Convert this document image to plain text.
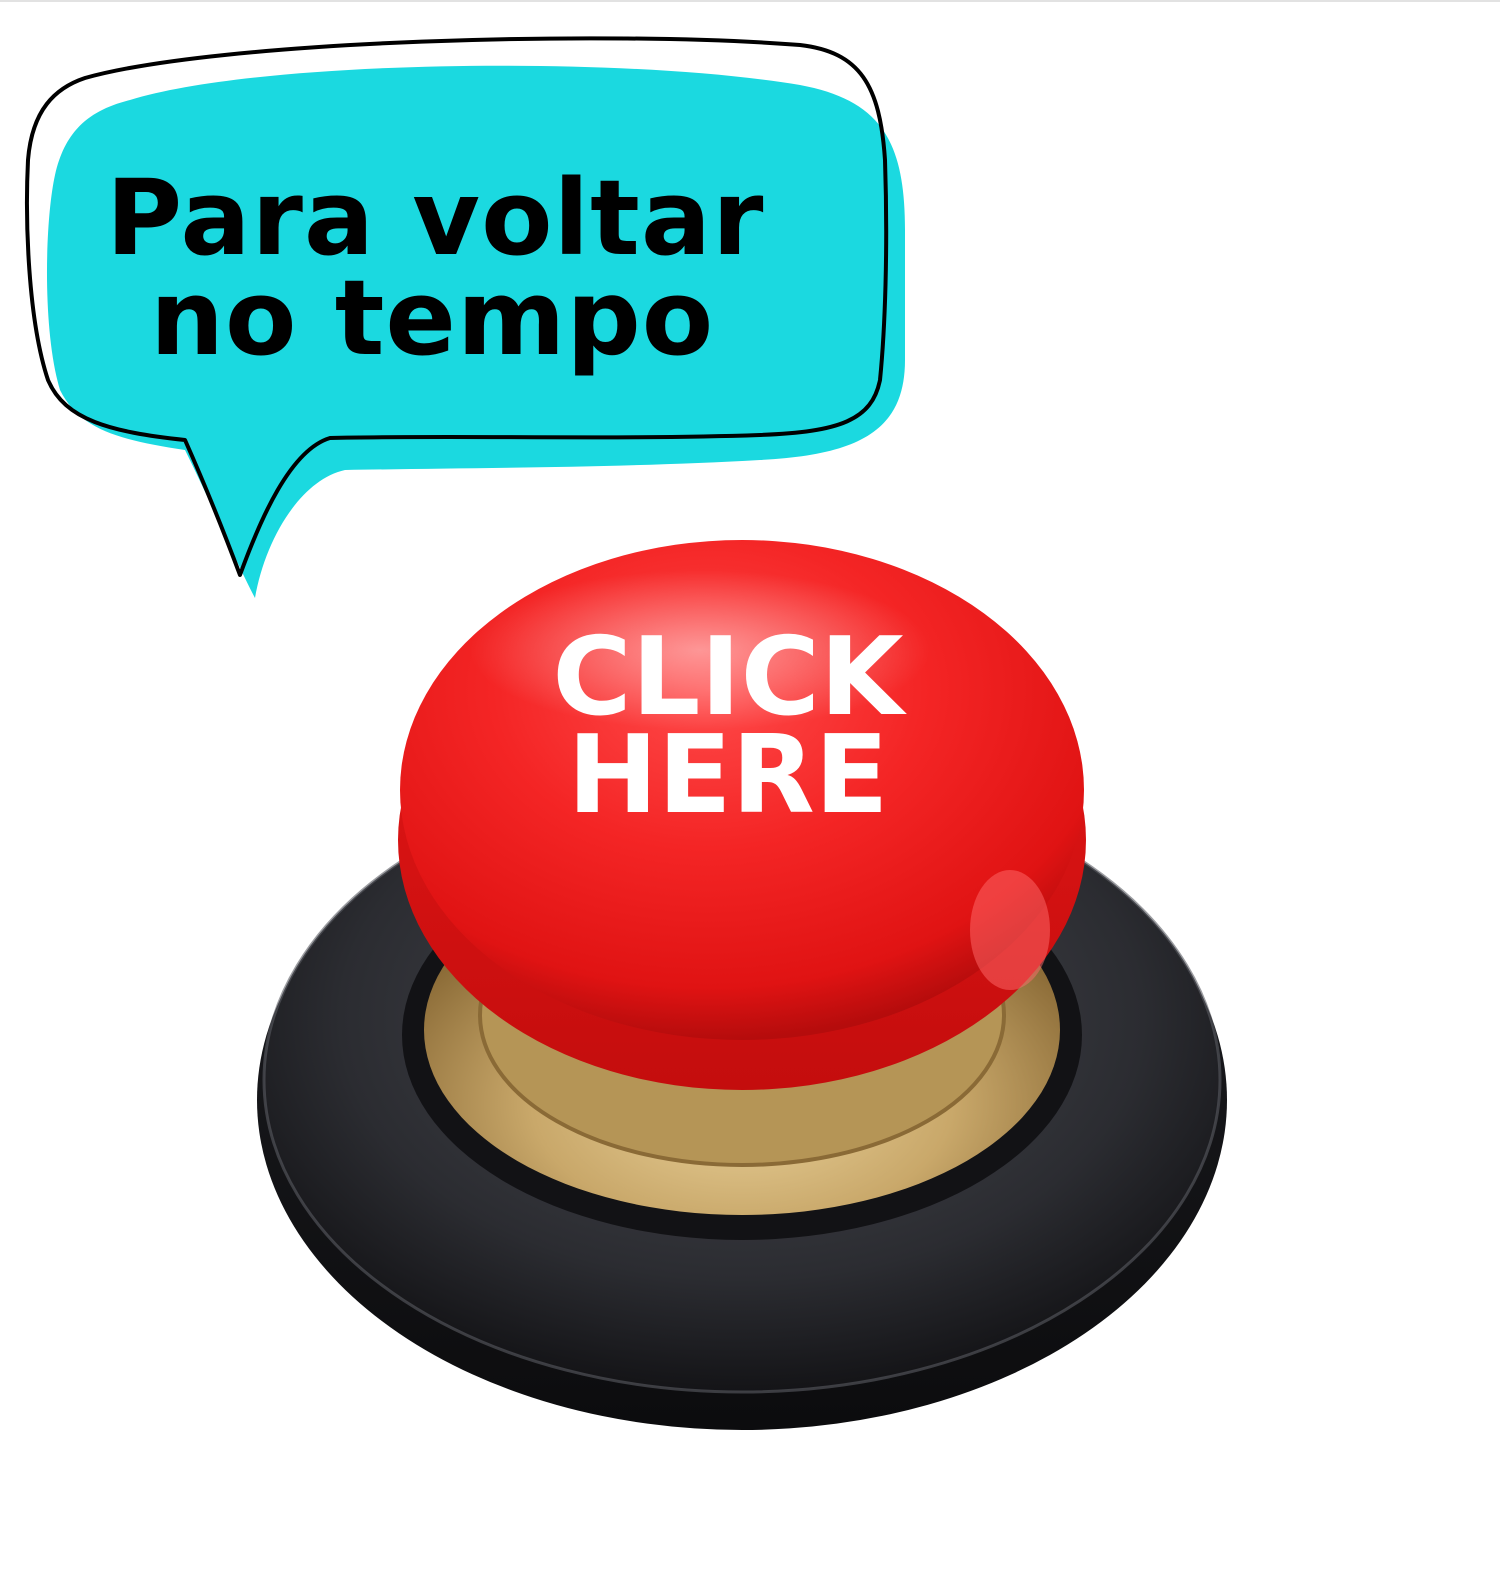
Para voltar
no tempo
CLICK
HERE
